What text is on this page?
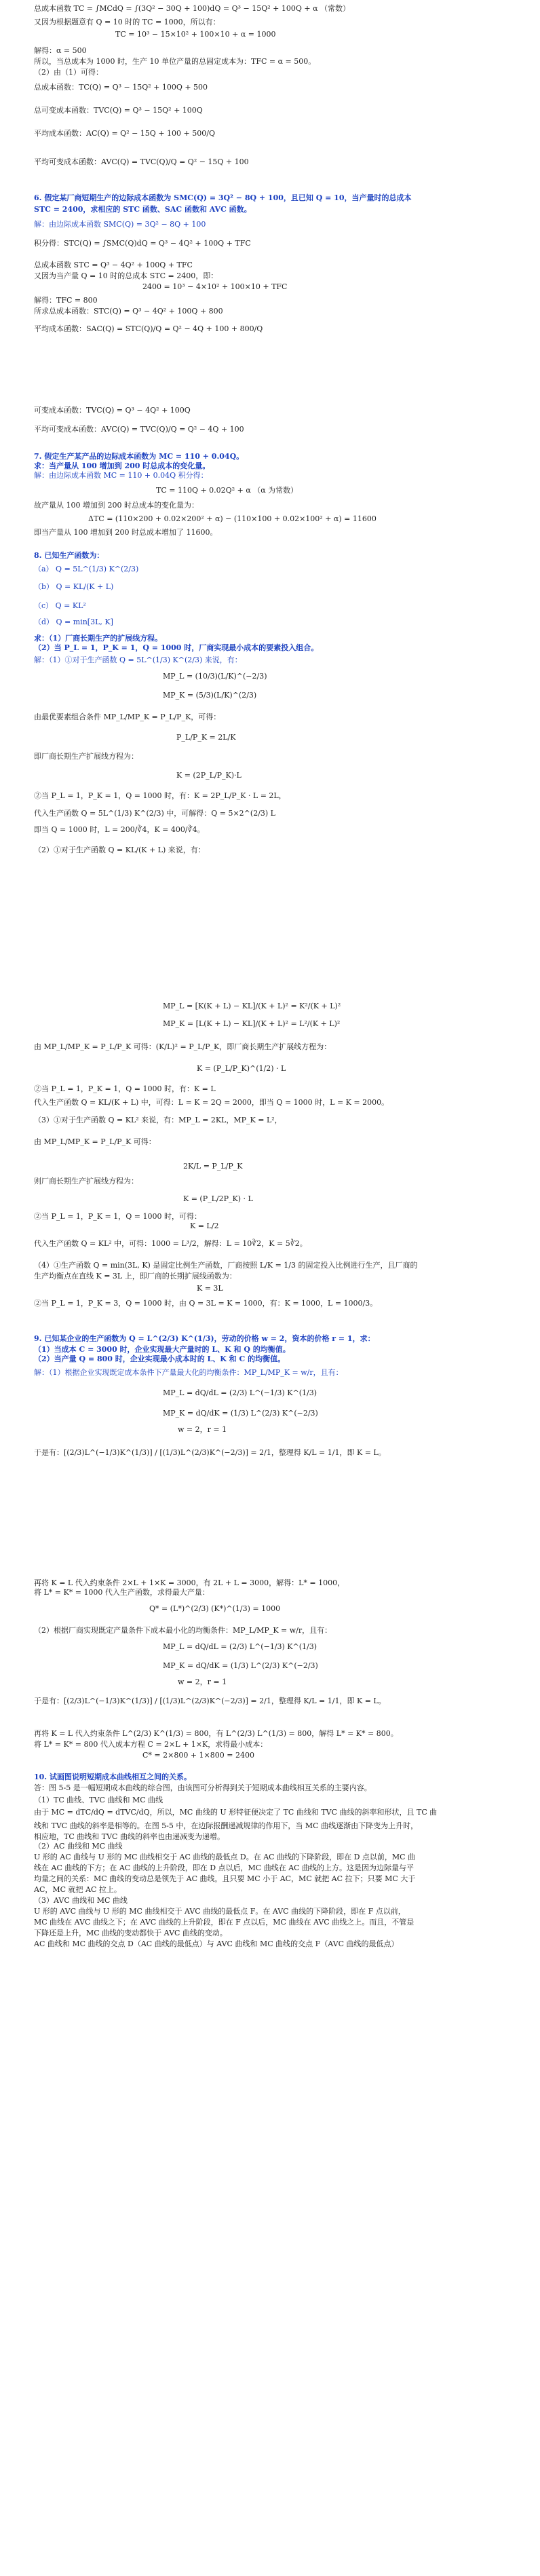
总成本函数 TC = ∫MCdQ = ∫(3Q² − 30Q + 100)dQ = Q³ − 15Q² + 100Q + α （常数）
又因为根据题意有 Q = 10 时的 TC = 1000，所以有：
TC = 10³ − 15×10² + 100×10 + α = 1000
解得：α = 500
所以，当总成本为 1000 时，生产 10 单位产量的总固定成本为：TFC = α = 500。
（2）由（1）可得：
总成本函数：TC(Q) = Q³ − 15Q² + 100Q + 500
总可变成本函数：TVC(Q) = Q³ − 15Q² + 100Q
平均成本函数：AC(Q) = Q² − 15Q + 100 + 500/Q
平均可变成本函数：AVC(Q) = TVC(Q)/Q = Q² − 15Q + 100
6. 假定某厂商短期生产的边际成本函数为 SMC(Q) = 3Q² − 8Q + 100，且已知 Q = 10，当产量时的总成本
STC = 2400，求相应的 STC 函数、SAC 函数和 AVC 函数。
解：由边际成本函数 SMC(Q) = 3Q² − 8Q + 100
积分得：STC(Q) = ∫SMC(Q)dQ = Q³ − 4Q² + 100Q + TFC
总成本函数 STC = Q³ − 4Q² + 100Q + TFC
又因为当产量 Q = 10 时的总成本 STC = 2400，即：
2400 = 10³ − 4×10² + 100×10 + TFC
解得：TFC = 800
所求总成本函数：STC(Q) = Q³ − 4Q² + 100Q + 800
平均成本函数：SAC(Q) = STC(Q)/Q = Q² − 4Q + 100 + 800/Q
可变成本函数：TVC(Q) = Q³ − 4Q² + 100Q
平均可变成本函数：AVC(Q) = TVC(Q)/Q = Q² − 4Q + 100
7. 假定生产某产品的边际成本函数为 MC = 110 + 0.04Q。
求：当产量从 100 增加到 200 时总成本的变化量。
解：由边际成本函数 MC = 110 + 0.04Q 积分得：
TC = 110Q + 0.02Q² + α （α 为常数）
故产量从 100 增加到 200 时总成本的变化量为：
ΔTC = (110×200 + 0.02×200² + α) − (110×100 + 0.02×100² + α) = 11600
即当产量从 100 增加到 200 时总成本增加了 11600。
8. 已知生产函数为：
（a） Q = 5L^(1/3) K^(2/3)
（b） Q = KL/(K + L)
（c） Q = KL²
（d） Q = min[3L, K]
求：（1）厂商长期生产的扩展线方程。
（2）当 P_L = 1，P_K = 1，Q = 1000 时，厂商实现最小成本的要素投入组合。
解：（1）①对于生产函数 Q = 5L^(1/3) K^(2/3) 来说，有：
MP_L = (10/3)(L/K)^(−2/3)
MP_K = (5/3)(L/K)^(2/3)
由最优要素组合条件 MP_L/MP_K = P_L/P_K，可得：
P_L/P_K = 2L/K
即厂商长期生产扩展线方程为：
K = (2P_L/P_K)·L
②当 P_L = 1，P_K = 1，Q = 1000 时，有：K = 2P_L/P_K · L = 2L，
代入生产函数 Q = 5L^(1/3) K^(2/3) 中，可解得：Q = 5×2^(2/3) L
即当 Q = 1000 时，L = 200/∛4，K = 400/∛4。
（2）①对于生产函数 Q = KL/(K + L) 来说，有：
MP_L = [K(K + L) − KL]/(K + L)² = K²/(K + L)²
MP_K = [L(K + L) − KL]/(K + L)² = L²/(K + L)²
由 MP_L/MP_K = P_L/P_K 可得：(K/L)² = P_L/P_K，即厂商长期生产扩展线方程为：
K = (P_L/P_K)^(1/2) · L
②当 P_L = 1，P_K = 1，Q = 1000 时，有：K = L
代入生产函数 Q = KL/(K + L) 中，可得：L = K = 2Q = 2000，即当 Q = 1000 时，L = K = 2000。
（3）①对于生产函数 Q = KL² 来说，有：MP_L = 2KL，MP_K = L²，
由 MP_L/MP_K = P_L/P_K 可得：
2K/L = P_L/P_K
则厂商长期生产扩展线方程为：
K = (P_L/2P_K) · L
②当 P_L = 1，P_K = 1，Q = 1000 时，可得：
K = L/2
代入生产函数 Q = KL² 中，可得：1000 = L³/2，解得：L = 10∛2，K = 5∛2。
（4）①生产函数 Q = min(3L, K) 是固定比例生产函数，厂商按照 L/K = 1/3 的固定投入比例进行生产，且厂商的
生产均衡点在直线 K = 3L 上，即厂商的长期扩展线函数为：
K = 3L
②当 P_L = 1，P_K = 3，Q = 1000 时，由 Q = 3L = K = 1000，有：K = 1000，L = 1000/3。
9. 已知某企业的生产函数为 Q = L^(2/3) K^(1/3)，劳动的价格 w = 2，资本的价格 r = 1，求：
（1）当成本 C = 3000 时，企业实现最大产量时的 L、K 和 Q 的均衡值。
（2）当产量 Q = 800 时，企业实现最小成本时的 L、K 和 C 的均衡值。
解：（1）根据企业实现既定成本条件下产量最大化的均衡条件：MP_L/MP_K = w/r，且有：
MP_L = dQ/dL = (2/3) L^(−1/3) K^(1/3)
MP_K = dQ/dK = (1/3) L^(2/3) K^(−2/3)
w = 2，r = 1
于是有：[(2/3)L^(−1/3)K^(1/3)] / [(1/3)L^(2/3)K^(−2/3)] = 2/1，整理得 K/L = 1/1，即 K = L。
再将 K = L 代入约束条件 2×L + 1×K = 3000，有 2L + L = 3000，解得：L* = 1000，
将 L* = K* = 1000 代入生产函数，求得最大产量：
Q* = (L*)^(2/3) (K*)^(1/3) = 1000
（2）根据厂商实现既定产量条件下成本最小化的均衡条件：MP_L/MP_K = w/r，且有：
MP_L = dQ/dL = (2/3) L^(−1/3) K^(1/3)
MP_K = dQ/dK = (1/3) L^(2/3) K^(−2/3)
w = 2，r = 1
于是有：[(2/3)L^(−1/3)K^(1/3)] / [(1/3)L^(2/3)K^(−2/3)] = 2/1，整理得 K/L = 1/1，即 K = L。
再将 K = L 代入约束条件 L^(2/3) K^(1/3) = 800，有 L^(2/3) L^(1/3) = 800，解得 L* = K* = 800。
将 L* = K* = 800 代入成本方程 C = 2×L + 1×K，求得最小成本：
C* = 2×800 + 1×800 = 2400
10. 试画图说明短期成本曲线相互之间的关系。
答：图 5-5 是一幅短期成本曲线的综合图，由该图可分析得到关于短期成本曲线相互关系的主要内容。
（1）TC 曲线、TVC 曲线和 MC 曲线
由于 MC = dTC/dQ = dTVC/dQ，所以，MC 曲线的 U 形特征便决定了 TC 曲线和 TVC 曲线的斜率和形状，且 TC 曲
线和 TVC 曲线的斜率是相等的。在图 5-5 中，在边际报酬递减规律的作用下，当 MC 曲线逐渐由下降变为上升时，
相应地，TC 曲线和 TVC 曲线的斜率也由递减变为递增。
（2）AC 曲线和 MC 曲线
U 形的 AC 曲线与 U 形的 MC 曲线相交于 AC 曲线的最低点 D。在 AC 曲线的下降阶段，即在 D 点以前，MC 曲
线在 AC 曲线的下方；在 AC 曲线的上升阶段，即在 D 点以后，MC 曲线在 AC 曲线的上方。这是因为边际量与平
均量之间的关系：MC 曲线的变动总是领先于 AC 曲线，且只要 MC 小于 AC，MC 就把 AC 拉下；只要 MC 大于
AC，MC 就把 AC 拉上。
（3）AVC 曲线和 MC 曲线
U 形的 AVC 曲线与 U 形的 MC 曲线相交于 AVC 曲线的最低点 F。在 AVC 曲线的下降阶段，即在 F 点以前，
MC 曲线在 AVC 曲线之下；在 AVC 曲线的上升阶段，即在 F 点以后，MC 曲线在 AVC 曲线之上。而且，不管是
下降还是上升，MC 曲线的变动都快于 AVC 曲线的变动。
AC 曲线和 MC 曲线的交点 D（AC 曲线的最低点）与 AVC 曲线和 MC 曲线的交点 F（AVC 曲线的最低点）
